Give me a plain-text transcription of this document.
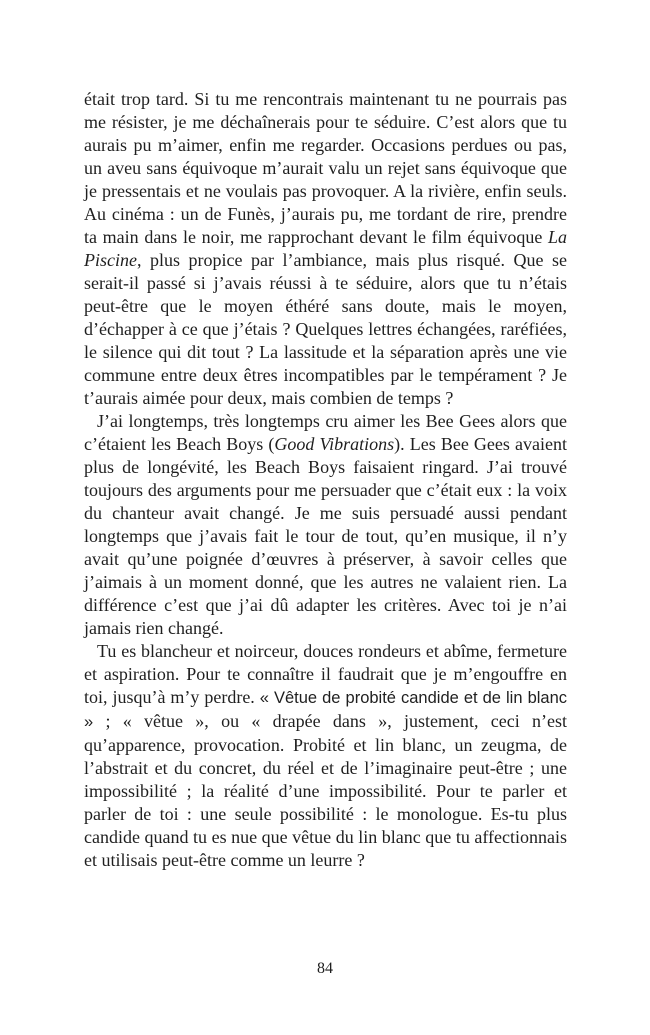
était trop tard. Si tu me rencontrais maintenant tu ne pourrais pas me résister, je me déchaînerais pour te séduire. C’est alors que tu aurais pu m’aimer, enfin me regarder. Occasions perdues ou pas, un aveu sans équivoque m’aurait valu un rejet sans équivoque que je pressentais et ne voulais pas provoquer. A la rivière, enfin seuls. Au cinéma : un de Funès, j’aurais pu, me tordant de rire, prendre ta main dans le noir, me rapprochant devant le film équivoque La Piscine, plus propice par l’ambiance, mais plus risqué. Que se serait-il passé si j’avais réussi à te séduire, alors que tu n’étais peut-être que le moyen éthéré sans doute, mais le moyen, d’échapper à ce que j’étais ? Quelques lettres échangées, raréfiées, le silence qui dit tout ? La lassitude et la séparation après une vie commune entre deux êtres incompatibles par le tempérament ? Je t’aurais aimée pour deux, mais combien de temps ?

J’ai longtemps, très longtemps cru aimer les Bee Gees alors que c’étaient les Beach Boys (Good Vibrations). Les Bee Gees avaient plus de longévité, les Beach Boys faisaient ringard. J’ai trouvé toujours des arguments pour me persuader que c’était eux : la voix du chanteur avait changé. Je me suis persuadé aussi pendant longtemps que j’avais fait le tour de tout, qu’en musique, il n’y avait qu’une poignée d’œuvres à préserver, à savoir celles que j’aimais à un moment donné, que les autres ne valaient rien. La différence c’est que j’ai dû adapter les critères. Avec toi je n’ai jamais rien changé.

Tu es blancheur et noirceur, douces rondeurs et abîme, fermeture et aspiration. Pour te connaître il faudrait que je m’engouffre en toi, jusqu’à m’y perdre. « Vêtue de probité candide et de lin blanc » ; « vêtue », ou « drapée dans », justement, ceci n’est qu’apparence, provocation. Probité et lin blanc, un zeugma, de l’abstrait et du concret, du réel et de l’imaginaire peut-être ; une impossibilité ; la réalité d’une impossibilité. Pour te parler et parler de toi : une seule possibilité : le monologue. Es-tu plus candide quand tu es nue que vêtue du lin blanc que tu affectionnais et utilisais peut-être comme un leurre ?

84
